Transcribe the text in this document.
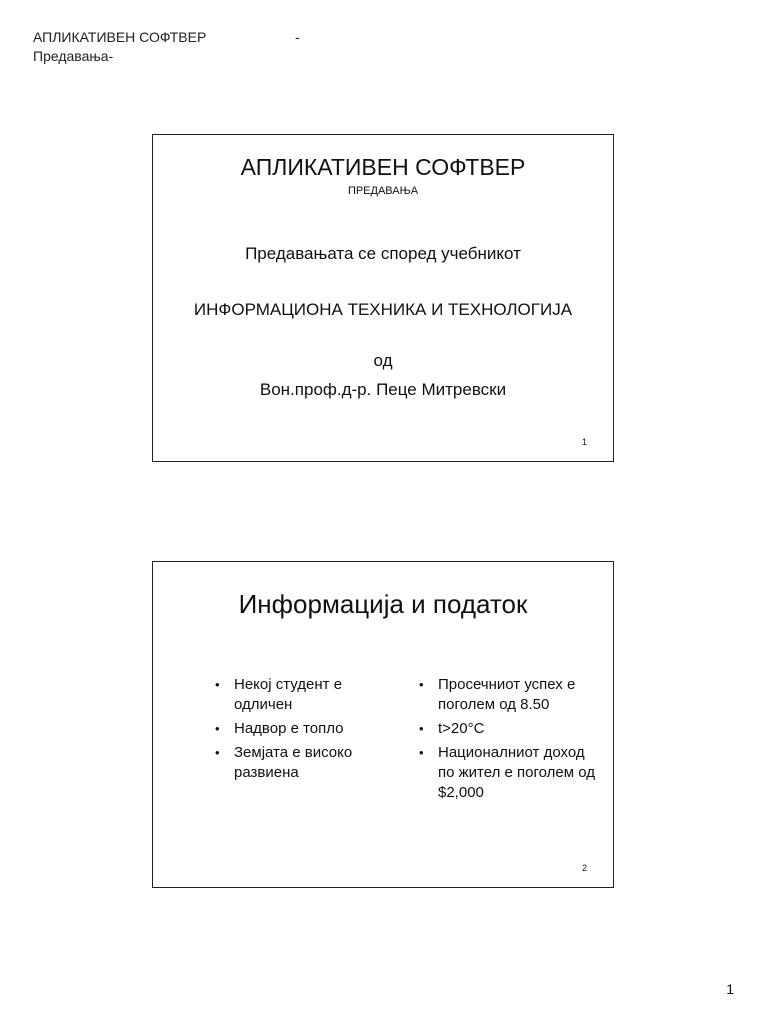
АПЛИКАТИВЕН СОФТВЕР	-
Предавања-
АПЛИКАТИВЕН СОФТВЕР
ПРЕДАВАЊА
Предавањата се според учебникот
ИНФОРМАЦИОНА ТЕХНИКА И ТЕХНОЛОГИЈА
од
Вон.проф.д-р. Пеце Митревски
1
Информација и податок
• Некој студент е одличен
• Надвор е топло
• Земјата е високо развиена
• Просечниот успех е поголем од 8.50
• t>20°C
• Националниот доход по жител е поголем од $2,000
2
1
